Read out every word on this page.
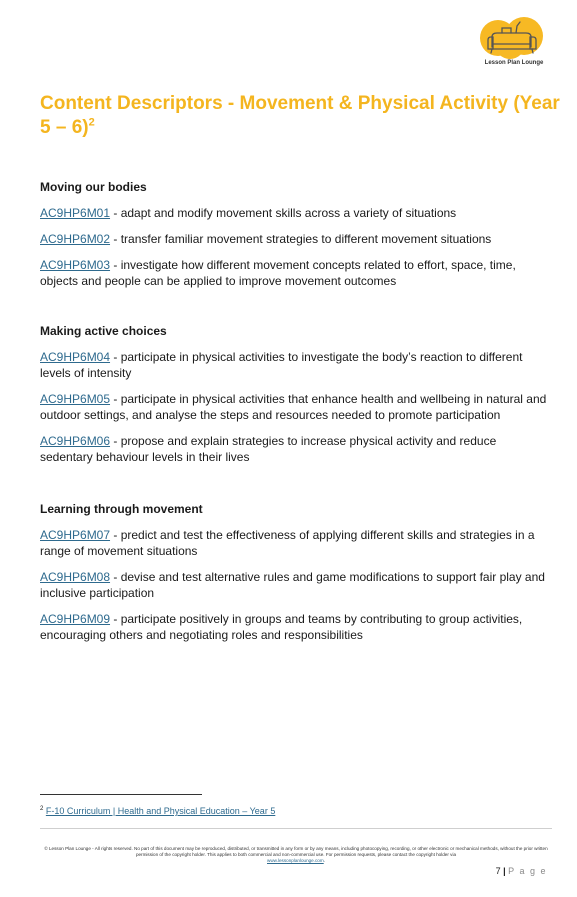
Lesson Plan Lounge
Content Descriptors - Movement & Physical Activity (Year 5 – 6)$^2$
Moving our bodies
AC9HP6M01 - adapt and modify movement skills across a variety of situations
AC9HP6M02 - transfer familiar movement strategies to different movement situations
AC9HP6M03 - investigate how different movement concepts related to effort, space, time, objects and people can be applied to improve movement outcomes
Making active choices
AC9HP6M04 - participate in physical activities to investigate the body’s reaction to different levels of intensity
AC9HP6M05 - participate in physical activities that enhance health and wellbeing in natural and outdoor settings, and analyse the steps and resources needed to promote participation
AC9HP6M06 - propose and explain strategies to increase physical activity and reduce sedentary behaviour levels in their lives
Learning through movement
AC9HP6M07 - predict and test the effectiveness of applying different skills and strategies in a range of movement situations
AC9HP6M08 - devise and test alternative rules and game modifications to support fair play and inclusive participation
AC9HP6M09 - participate positively in groups and teams by contributing to group activities, encouraging others and negotiating roles and responsibilities
$^2$ F-10 Curriculum | Health and Physical Education – Year 5
© Lesson Plan Lounge - All rights reserved. No part of this document may be reproduced, distributed, or transmitted in any form or by any means, including photocopying, recording, or other electronic or mechanical methods, without the prior written permission of the copyright holder. This applies to both commercial and non-commercial use. For permission requests, please contact the copyright holder via
www.lessonplanlounge.com.
7 | P a g e
